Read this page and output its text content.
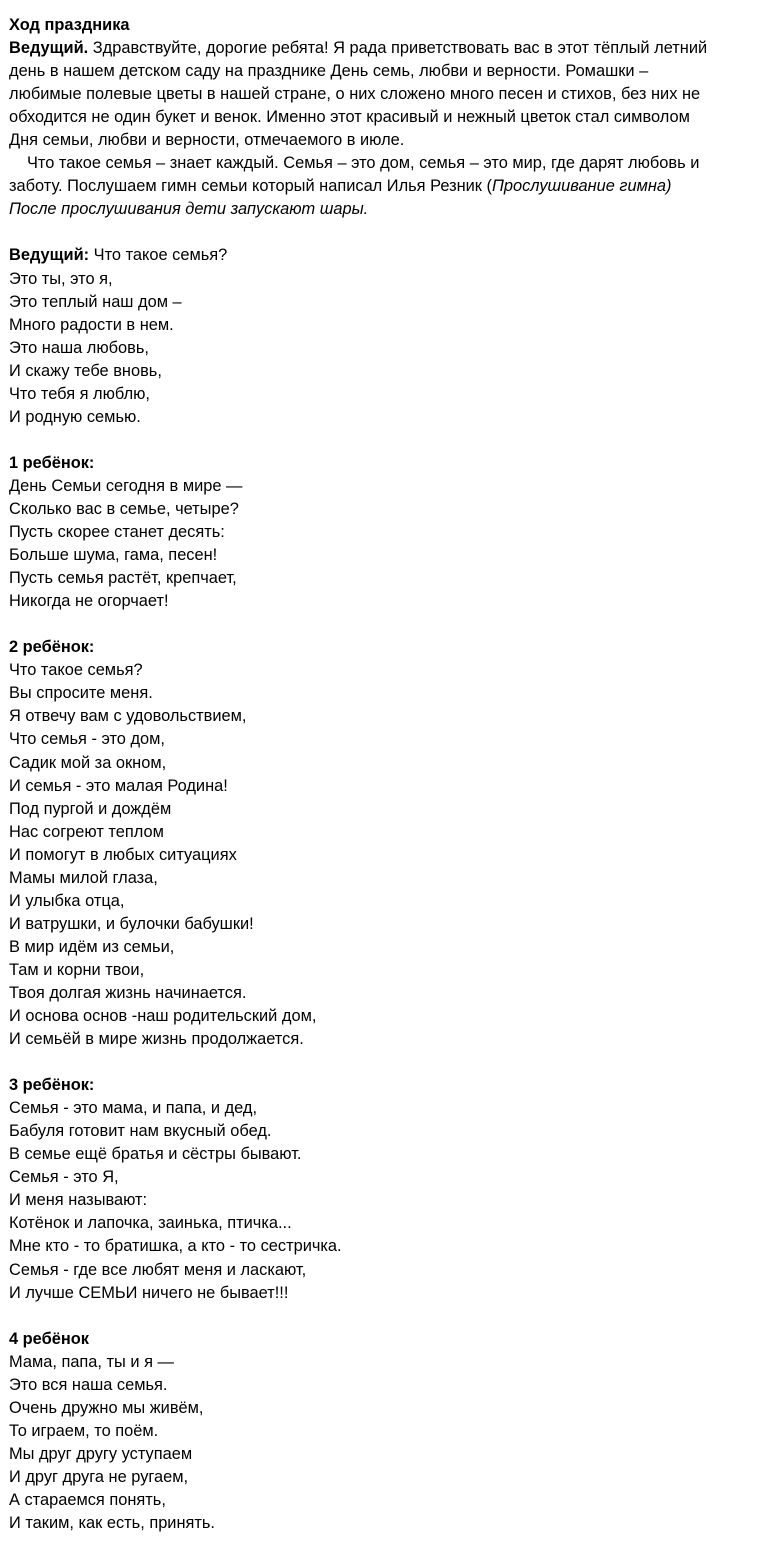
Ход праздника
Ведущий. Здравствуйте, дорогие ребята! Я рада приветствовать вас в этот тёплый летний
день в нашем детском саду на празднике День семь, любви и верности. Ромашки –
любимые полевые цветы в нашей стране, о них сложено много песен и стихов, без них не
обходится не один букет и венок. Именно этот красивый и нежный цветок стал символом
Дня семьи, любви и верности, отмечаемого в июле.
Что такое семья – знает каждый. Семья – это дом, семья – это мир, где дарят любовь и
заботу. Послушаем гимн семьи который написал Илья Резник (Прослушивание гимна)
После прослушивания дети запускают шары.
Ведущий: Что такое семья?
Это ты, это я,
Это теплый наш дом –
Много радости в нем.
Это наша любовь,
И скажу тебе вновь,
Что тебя я люблю,
И родную семью.
1 ребёнок:
День Семьи сегодня в мире —
Сколько вас в семье, четыре?
Пусть скорее станет десять:
Больше шума, гама, песен!
Пусть семья растёт, крепчает,
Никогда не огорчает!
2 ребёнок:
Что такое семья?
Вы спросите меня.
Я отвечу вам с удовольствием,
Что семья - это дом,
Садик мой за окном,
И семья - это малая Родина!
Под пургой и дождём
Нас согреют теплом
И помогут в любых ситуациях
Мамы милой глаза,
И улыбка отца,
И ватрушки, и булочки бабушки!
В мир идём из семьи,
Там и корни твои,
Твоя долгая жизнь начинается.
И основа основ -наш родительский дом,
И семьёй в мире жизнь продолжается.
3 ребёнок:
Семья - это мама, и папа, и дед,
Бабуля готовит нам вкусный обед.
В семье ещё братья и сёстры бывают.
Семья - это Я,
И меня называют:
Котёнок и лапочка, заинька, птичка...
Мне кто - то братишка, а кто - то сестричка.
Семья - где все любят меня и ласкают,
И лучше СЕМЬИ ничего не бывает!!!
4 ребёнок
Мама, папа, ты и я —
Это вся наша семья.
Очень дружно мы живём,
То играем, то поём.
Мы друг другу уступаем
И друг друга не ругаем,
А стараемся понять,
И таким, как есть, принять.
